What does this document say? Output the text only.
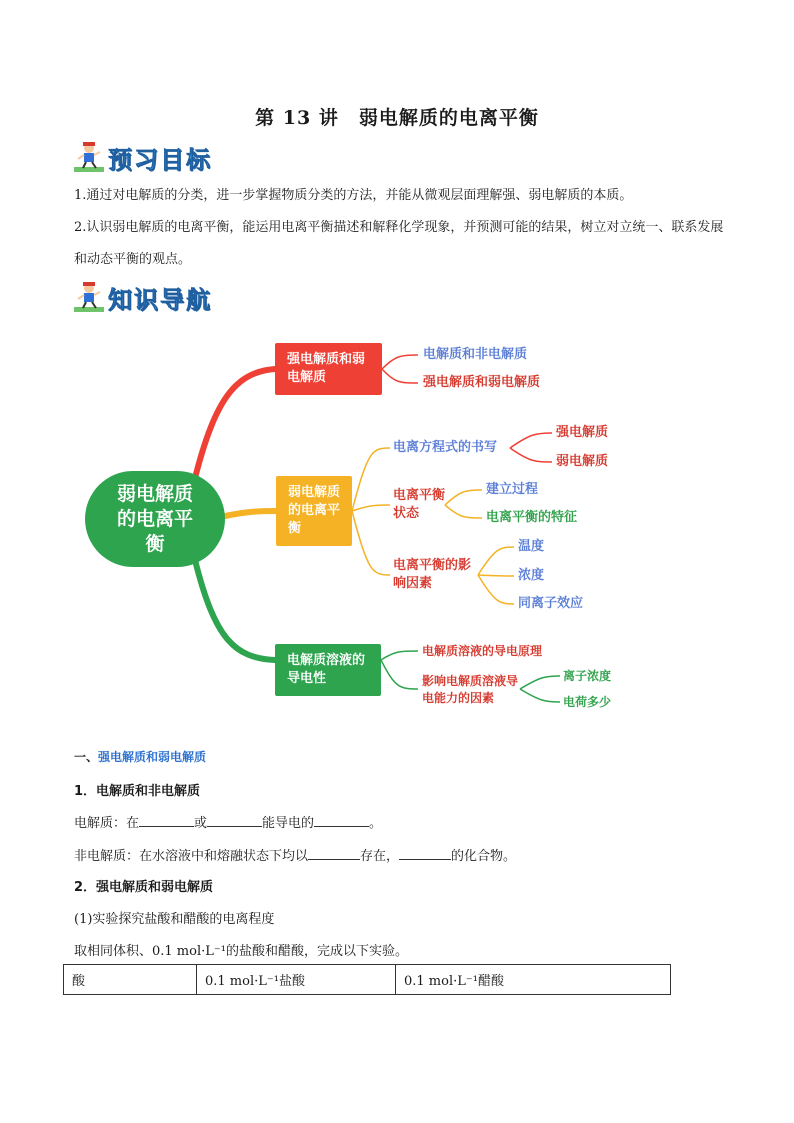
第 13 讲　弱电解质的电离平衡
预习目标
1.通过对电解质的分类，进一步掌握物质分类的方法，并能从微观层面理解强、弱电解质的本质。
2.认识弱电解质的电离平衡，能运用电离平衡描述和解释化学现象，并预测可能的结果，树立对立统一、联系发展和动态平衡的观点。
知识导航
弱电解质的电离平衡
强电解质和弱电解质
弱电解质的电离平衡
电解质溶液的导电性
电解质和非电解质
强电解质和弱电解质
电离方程式的书写
强电解质
弱电解质
电离平衡状态
建立过程
电离平衡的特征
电离平衡的影响因素
温度
浓度
同离子效应
电解质溶液的导电原理
影响电解质溶液导电能力的因素
离子浓度
电荷多少
一、强电解质和弱电解质
1．电解质和非电解质
电解质：在	或	能导电的	。
非电解质：在水溶液中和熔融状态下均以	存在，	的化合物。
2．强电解质和弱电解质
(1)实验探究盐酸和醋酸的电离程度
取相同体积、0.1 mol·L⁻¹的盐酸和醋酸，完成以下实验。
酸	0.1 mol·L⁻¹盐酸	0.1 mol·L⁻¹醋酸
